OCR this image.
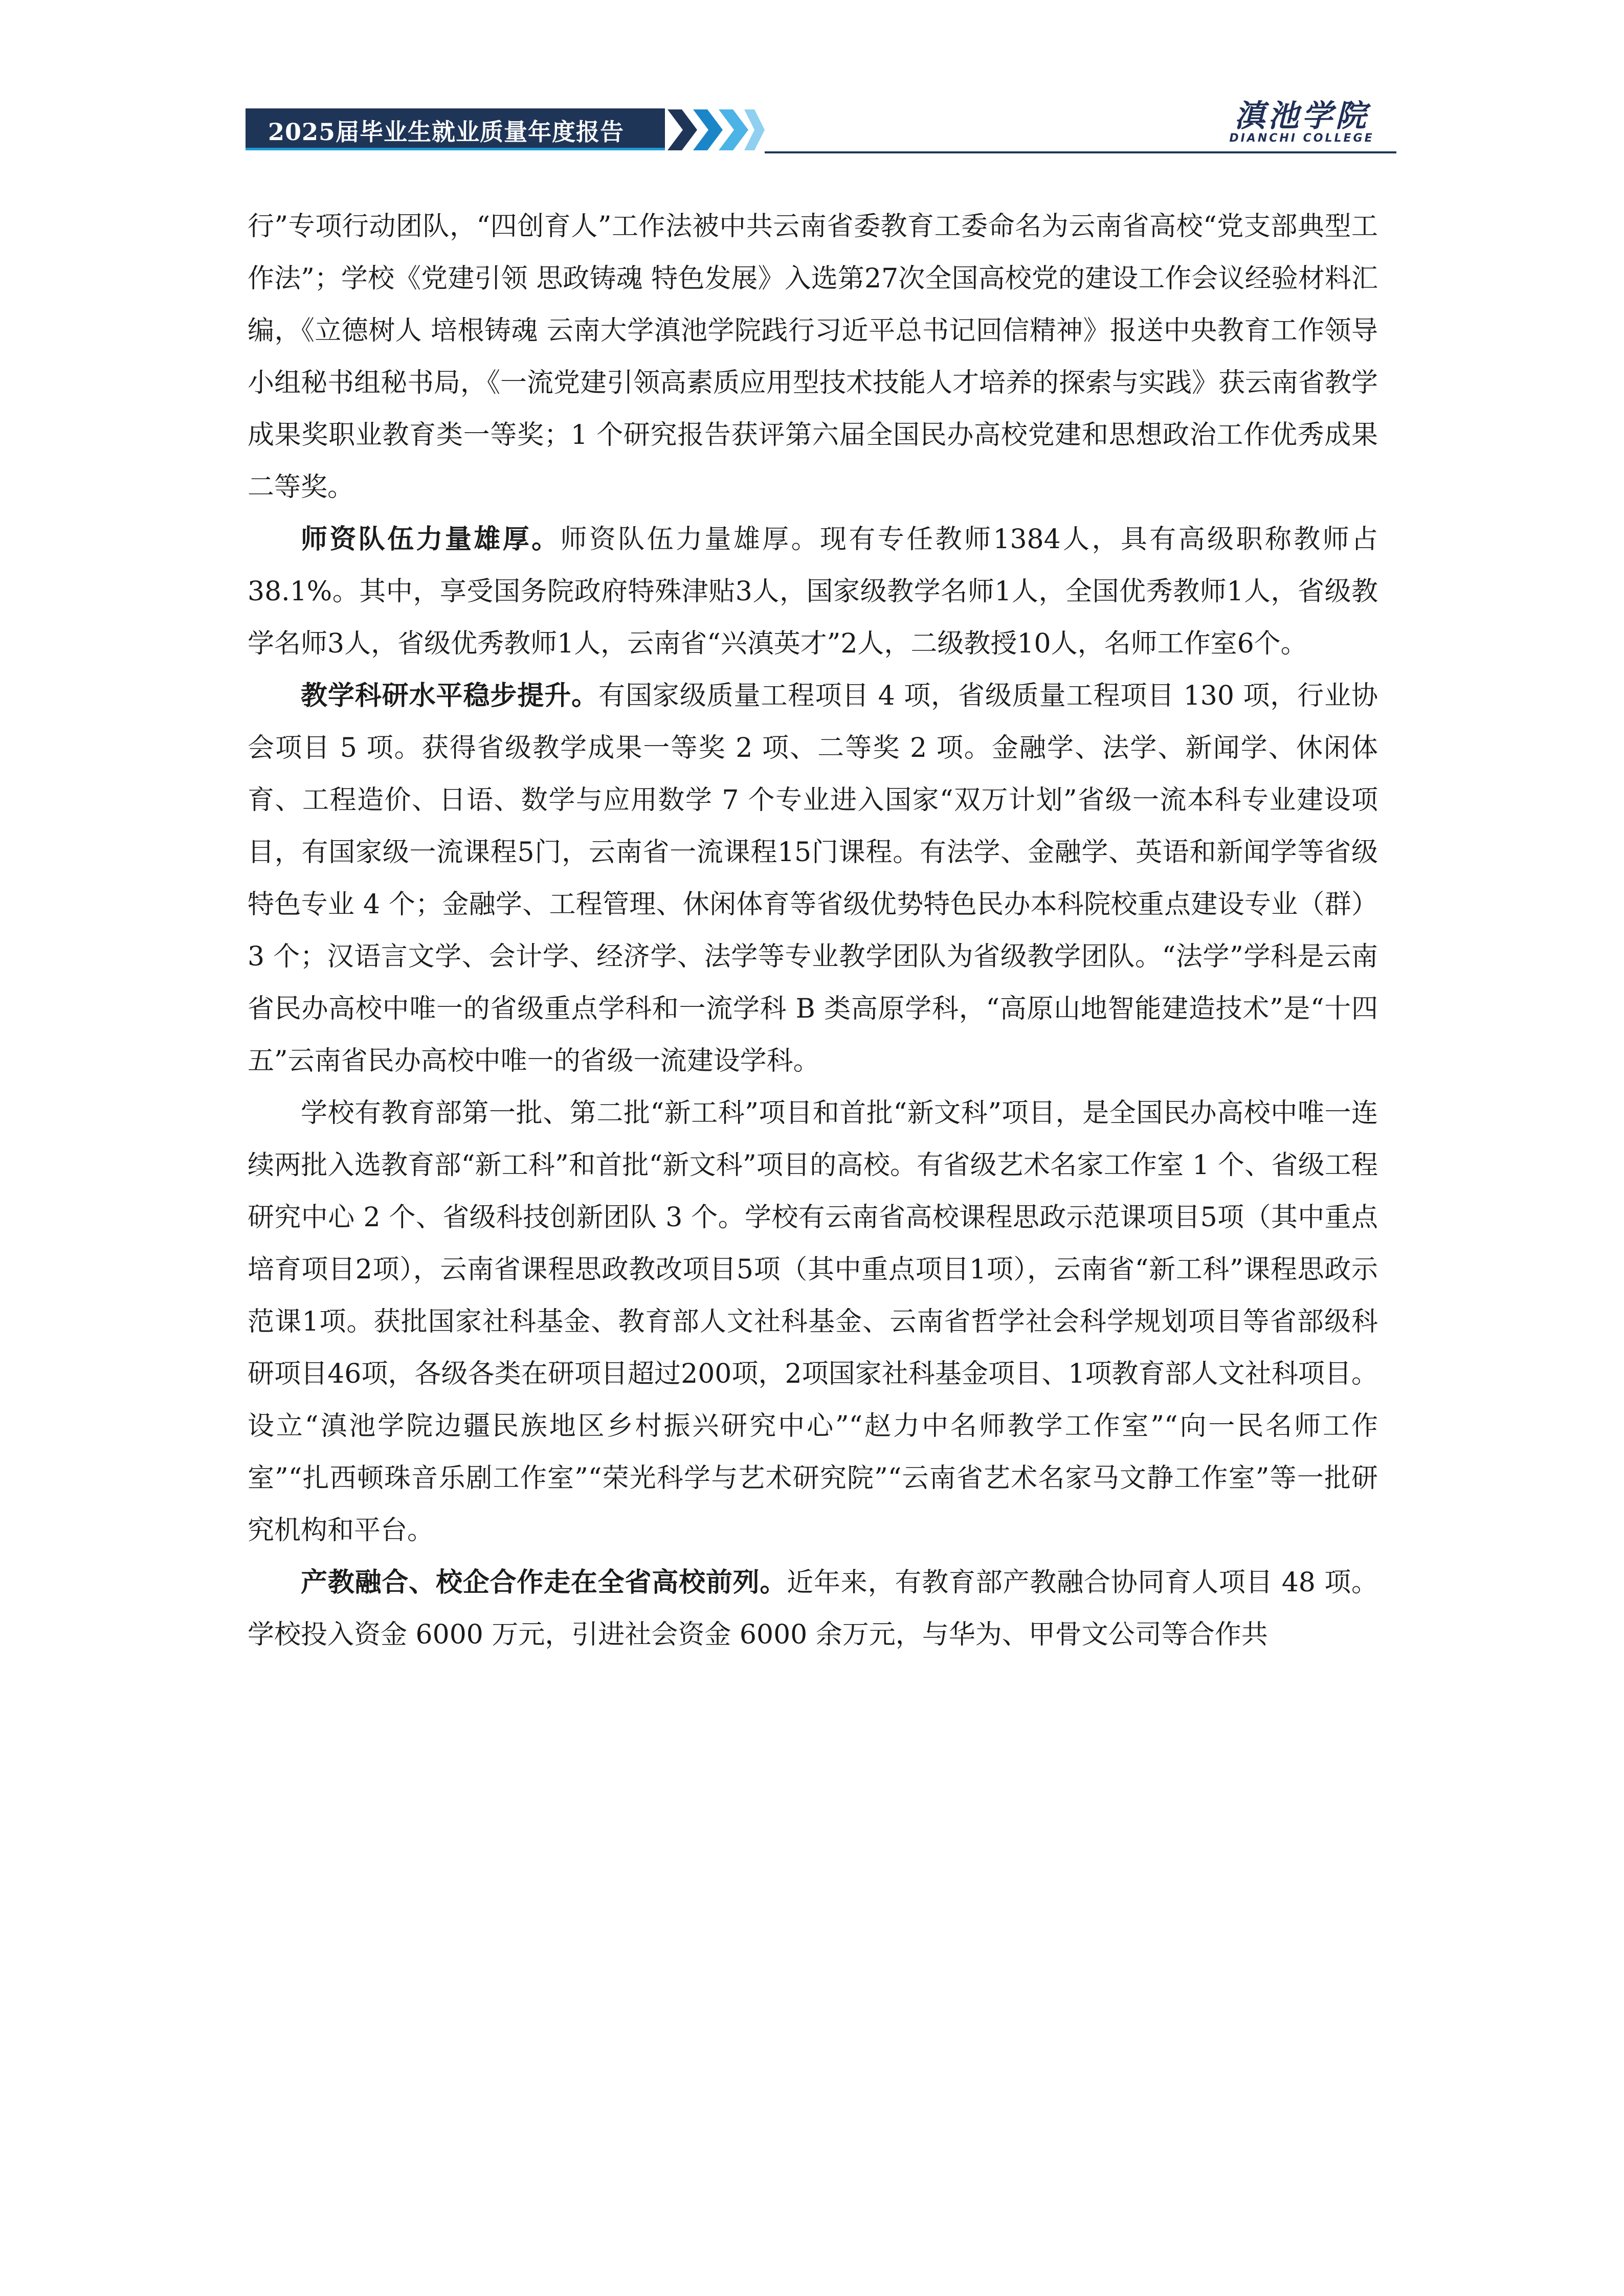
2025届毕业生就业质量年度报告	滇池学院
DIANCHI COLLEGE

行”专项行动团队，“四创育人”工作法被中共云南省委教育工委命名为云南省高校“党支部典型工作法”；学校《党建引领 思政铸魂 特色发展》入选第27次全国高校党的建设工作会议经验材料汇编，《立德树人 培根铸魂 云南大学滇池学院践行习近平总书记回信精神》报送中央教育工作领导小组秘书组秘书局，《一流党建引领高素质应用型技术技能人才培养的探索与实践》获云南省教学成果奖职业教育类一等奖；1 个研究报告获评第六届全国民办高校党建和思想政治工作优秀成果二等奖。

师资队伍力量雄厚。师资队伍力量雄厚。现有专任教师1384人，具有高级职称教师占38.1%。其中，享受国务院政府特殊津贴3人，国家级教学名师1人，全国优秀教师1人，省级教学名师3人，省级优秀教师1人，云南省“兴滇英才”2人，二级教授10人，名师工作室6个。

教学科研水平稳步提升。有国家级质量工程项目 4 项，省级质量工程项目 130 项，行业协会项目 5 项。获得省级教学成果一等奖 2 项、二等奖 2 项。金融学、法学、新闻学、休闲体育、工程造价、日语、数学与应用数学 7 个专业进入国家“双万计划”省级一流本科专业建设项目，有国家级一流课程5门，云南省一流课程15门课程。有法学、金融学、英语和新闻学等省级特色专业 4 个；金融学、工程管理、休闲体育等省级优势特色民办本科院校重点建设专业（群）3 个；汉语言文学、会计学、经济学、法学等专业教学团队为省级教学团队。“法学”学科是云南省民办高校中唯一的省级重点学科和一流学科 B 类高原学科，“高原山地智能建造技术”是“十四五”云南省民办高校中唯一的省级一流建设学科。

学校有教育部第一批、第二批“新工科”项目和首批“新文科”项目，是全国民办高校中唯一连续两批入选教育部“新工科”和首批“新文科”项目的高校。有省级艺术名家工作室 1 个、省级工程研究中心 2 个、省级科技创新团队 3 个。学校有云南省高校课程思政示范课项目5项（其中重点培育项目2项），云南省课程思政教改项目5项（其中重点项目1项），云南省“新工科”课程思政示范课1项。获批国家社科基金、教育部人文社科基金、云南省哲学社会科学规划项目等省部级科研项目46项，各级各类在研项目超过200项，2项国家社科基金项目、1项教育部人文社科项目。设立“滇池学院边疆民族地区乡村振兴研究中心”“赵力中名师教学工作室”“向一民名师工作室”“扎西顿珠音乐剧工作室”“荣光科学与艺术研究院”“云南省艺术名家马文静工作室”等一批研究机构和平台。

产教融合、校企合作走在全省高校前列。近年来，有教育部产教融合协同育人项目 48 项。学校投入资金 6000 万元，引进社会资金 6000 余万元，与华为、甲骨文公司等合作共
